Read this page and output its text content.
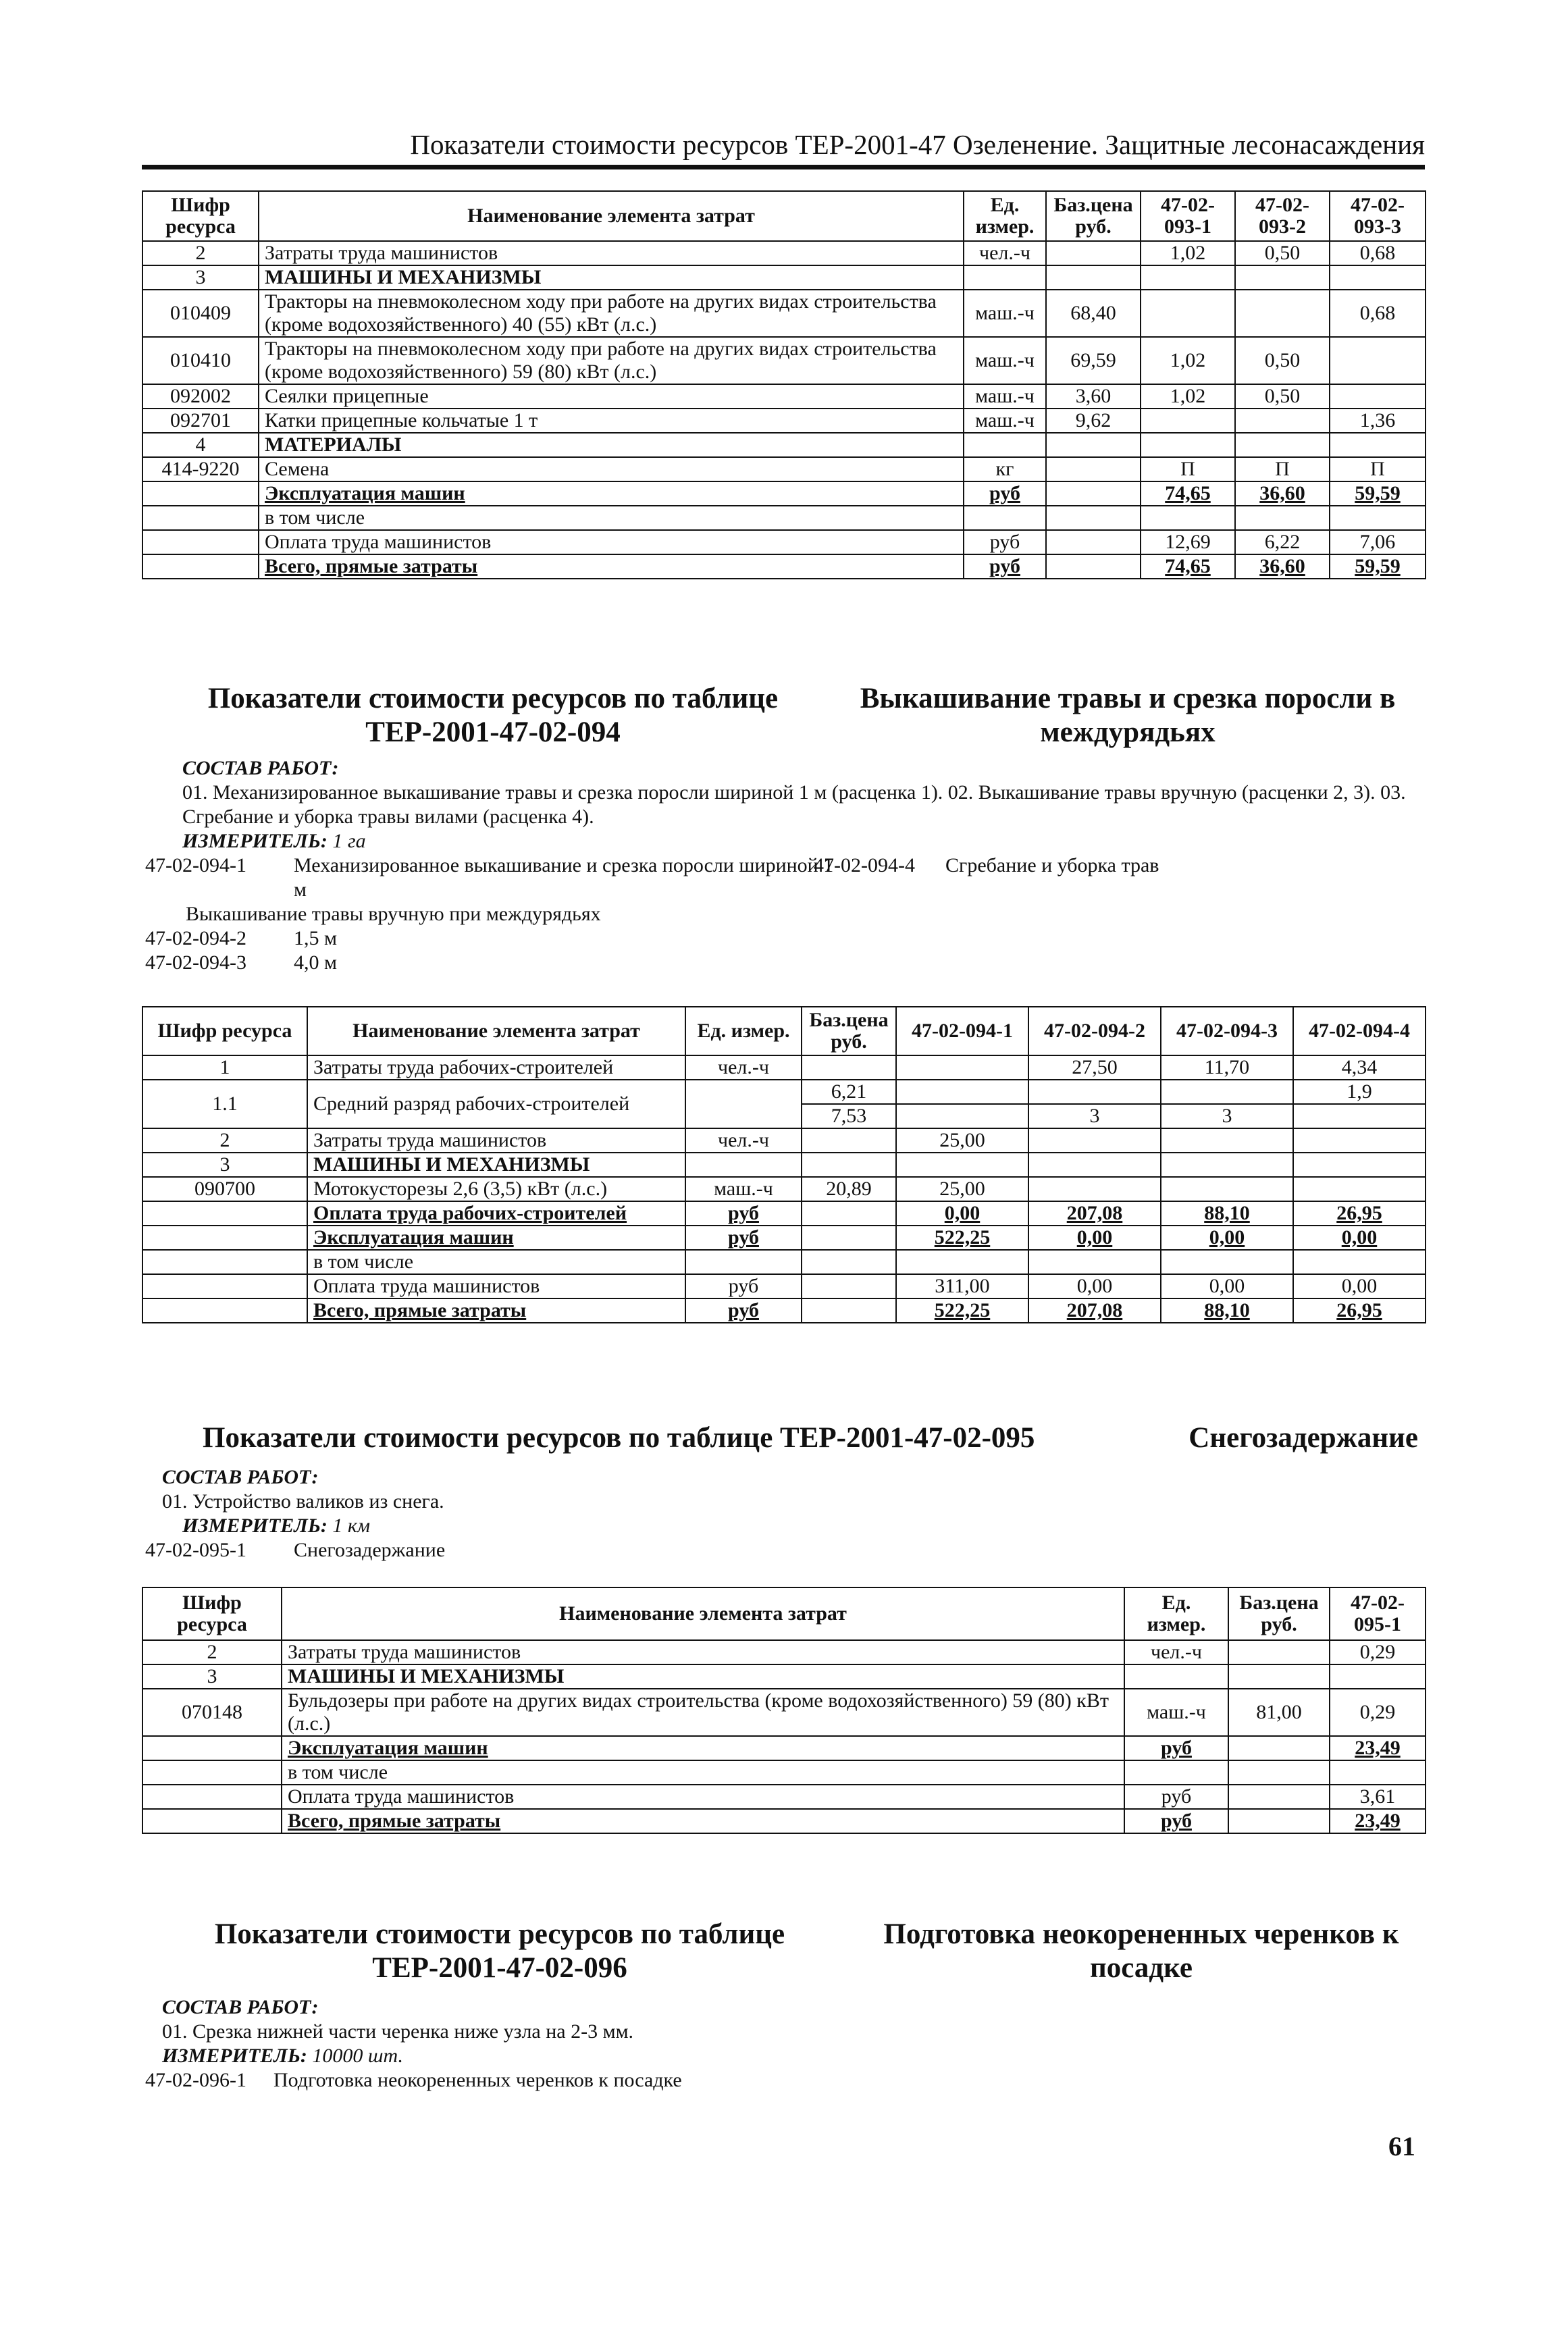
Показатели стоимости ресурсов ТЕР-2001-47 Озеленение. Защитные лесонасаждения
Шифр ресурса	Наименование элемента затрат	Ед. измер.	Баз.цена руб.	47-02-093-1	47-02-093-2	47-02-093-3
2	Затраты труда машинистов	чел.-ч		1,02	0,50	0,68
3	МАШИНЫ И МЕХАНИЗМЫ					
010409	Тракторы на пневмоколесном ходу при работе на других видах строительства (кроме водохозяйственного) 40 (55) кВт (л.с.)	маш.-ч	68,40			0,68
010410	Тракторы на пневмоколесном ходу при работе на других видах строительства (кроме водохозяйственного) 59 (80) кВт (л.с.)	маш.-ч	69,59	1,02	0,50	
092002	Сеялки прицепные	маш.-ч	3,60	1,02	0,50	
092701	Катки прицепные кольчатые 1 т	маш.-ч	9,62			1,36
4	МАТЕРИАЛЫ					
414-9220	Семена	кг		П	П	П
	Эксплуатация машин	руб		74,65	36,60	59,59
	в том числе					
	Оплата труда машинистов	руб		12,69	6,22	7,06
	Всего, прямые затраты	руб		74,65	36,60	59,59
Показатели стоимости ресурсов по таблице ТЕР-2001-47-02-094
Выкашивание травы и срезка поросли в междурядьях
СОСТАВ РАБОТ:
01. Механизированное выкашивание травы и срезка поросли шириной 1 м (расценка 1). 02. Выкашивание травы вручную (расценки 2, 3). 03. Сгребание и уборка травы вилами (расценка 4).
ИЗМЕРИТЕЛЬ: 1 га
47-02-094-1	Механизированное выкашивание и срезка поросли шириной 1 м
47-02-094-4	Сгребание и уборка трав
Выкашивание травы вручную при междурядьях
47-02-094-2	1,5 м
47-02-094-3	4,0 м
Шифр ресурса	Наименование элемента затрат	Ед. измер.	Баз.цена руб.	47-02-094-1	47-02-094-2	47-02-094-3	47-02-094-4
1	Затраты труда рабочих-строителей	чел.-ч			27,50	11,70	4,34
1.1	Средний разряд рабочих-строителей		6,21				1,9
			7,53		3	3	
2	Затраты труда машинистов	чел.-ч		25,00			
3	МАШИНЫ И МЕХАНИЗМЫ						
090700	Мотокусторезы 2,6 (3,5) кВт (л.с.)	маш.-ч	20,89	25,00			
	Оплата труда рабочих-строителей	руб		0,00	207,08	88,10	26,95
	Эксплуатация машин	руб		522,25	0,00	0,00	0,00
	в том числе						
	Оплата труда машинистов	руб		311,00	0,00	0,00	0,00
	Всего, прямые затраты	руб		522,25	207,08	88,10	26,95
Показатели стоимости ресурсов по таблице ТЕР-2001-47-02-095	Снегозадержание
СОСТАВ РАБОТ:
01. Устройство валиков из снега.
ИЗМЕРИТЕЛЬ: 1 км
47-02-095-1	Снегозадержание
Шифр ресурса	Наименование элемента затрат	Ед. измер.	Баз.цена руб.	47-02-095-1
2	Затраты труда машинистов	чел.-ч		0,29
3	МАШИНЫ И МЕХАНИЗМЫ			
070148	Бульдозеры при работе на других видах строительства (кроме водохозяйственного) 59 (80) кВт (л.с.)	маш.-ч	81,00	0,29
	Эксплуатация машин	руб		23,49
	в том числе			
	Оплата труда машинистов	руб		3,61
	Всего, прямые затраты	руб		23,49
Показатели стоимости ресурсов по таблице ТЕР-2001-47-02-096
Подготовка неокорененных черенков к посадке
СОСТАВ РАБОТ:
01. Срезка нижней части черенка ниже узла на 2-3 мм.
ИЗМЕРИТЕЛЬ: 10000 шт.
47-02-096-1	Подготовка неокорененных черенков к посадке
61
